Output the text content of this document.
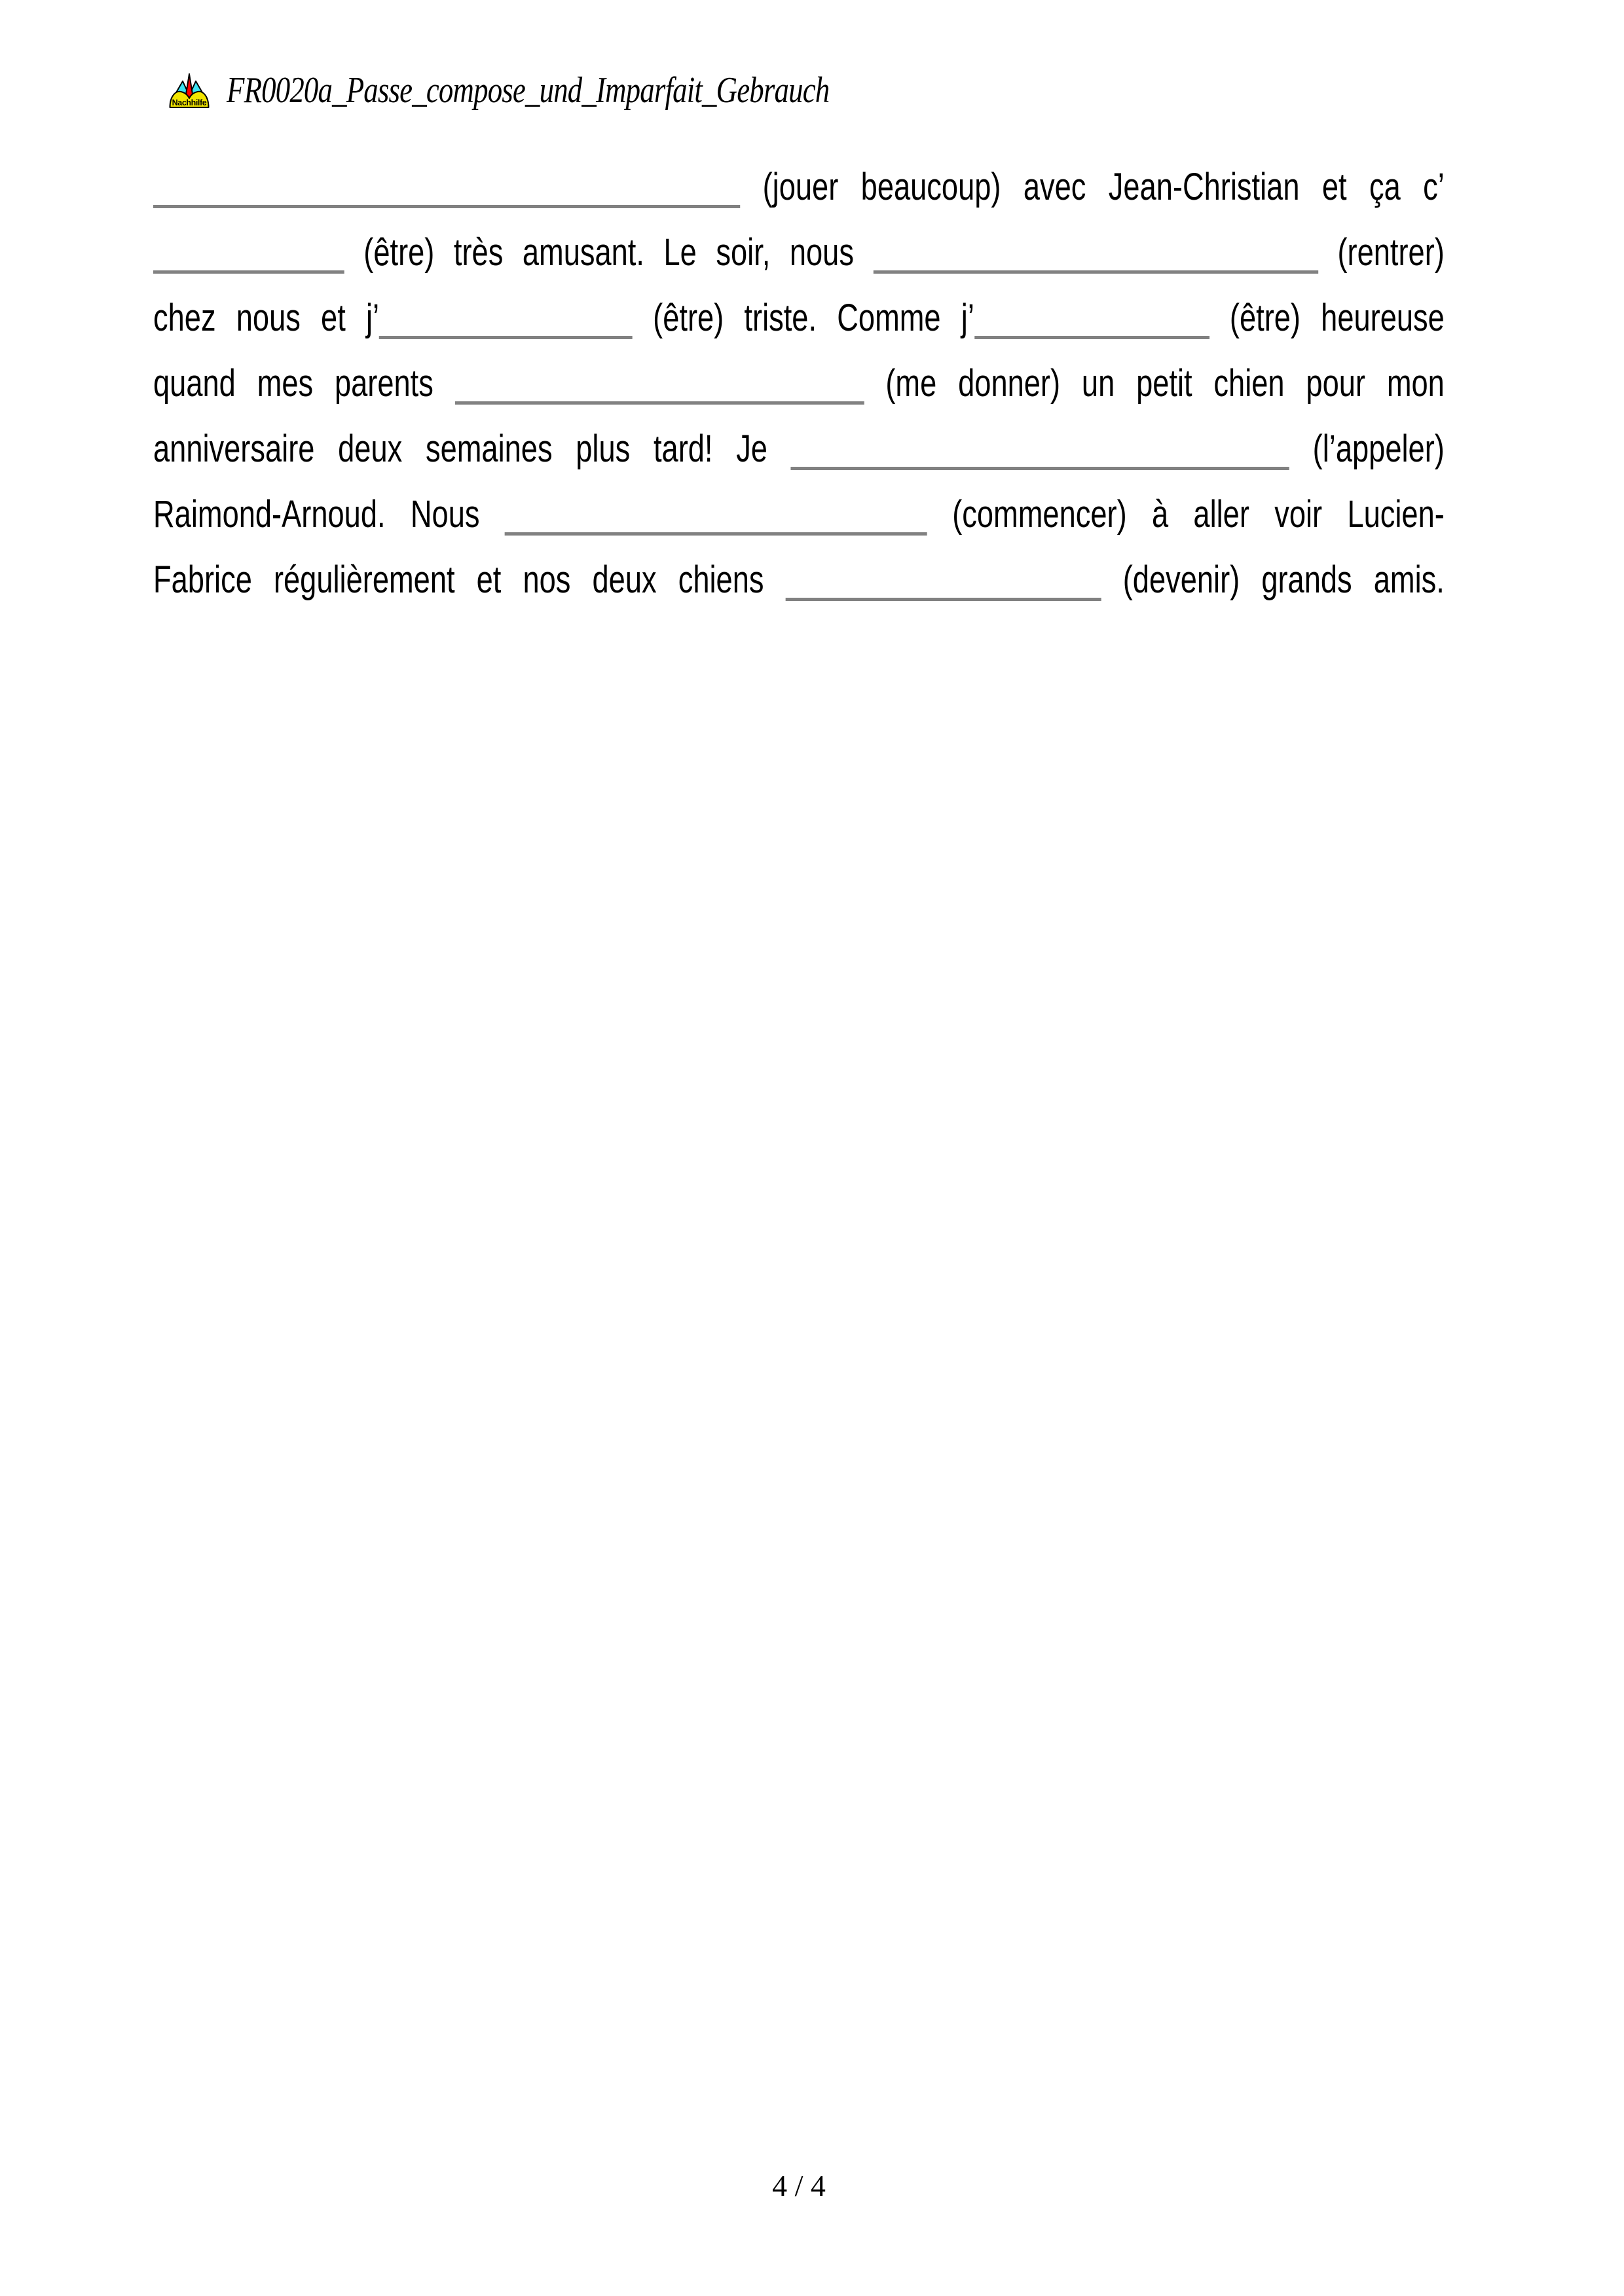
Nachhilfe FR0020a_Passe_compose_und_Imparfait_Gebrauch
(jouer beaucoup) avec Jean-Christian et ça c’
(être) très amusant. Le soir, nous	(rentrer)
chez nous et j’	(être) triste. Comme j’	(être) heureuse
quand mes parents	(me donner) un petit chien pour mon
anniversaire deux semaines plus tard! Je	(l’appeler)
Raimond-Arnoud. Nous	(commencer) à aller voir Lucien-
Fabrice régulièrement et nos deux chiens	(devenir) grands amis.
4 / 4
